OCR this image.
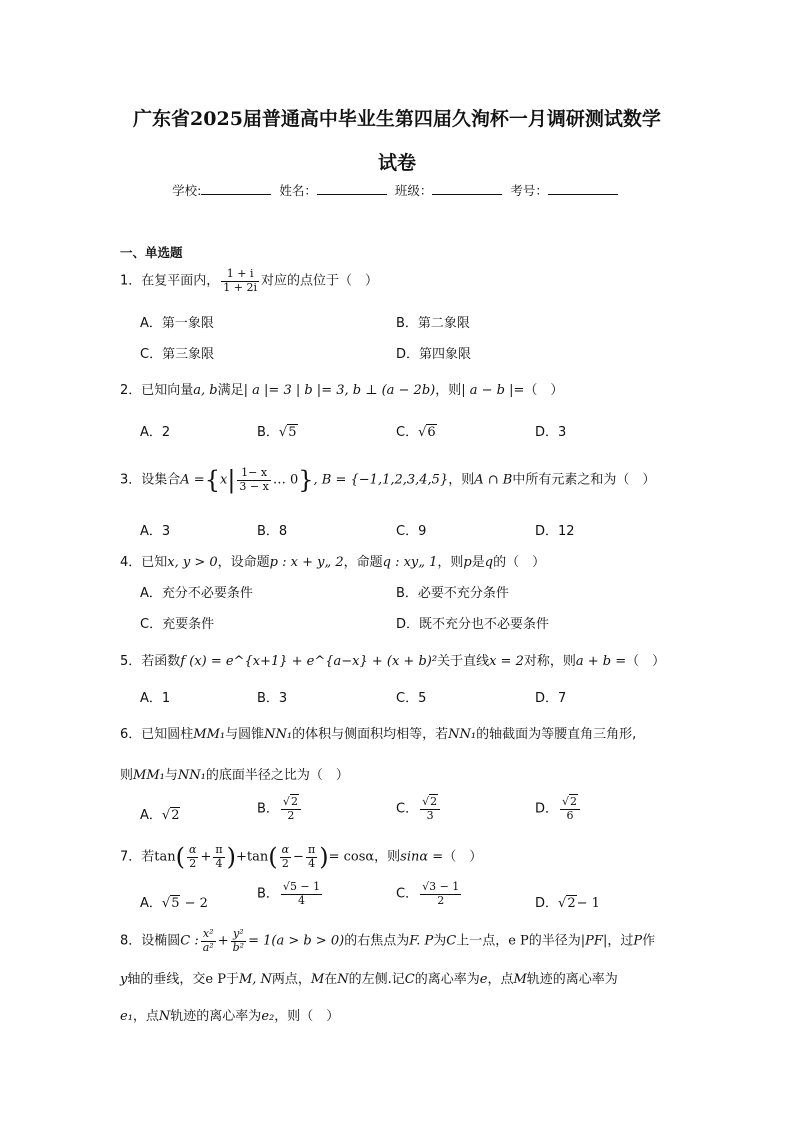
广东省2025届普通高中毕业生第四届久洵杯一月调研测试数学
试卷
学校:	姓名：	班级：	考号：
一、单选题
1．在复平面内， $\frac{1 + i}{1 + 2i}$ 对应的点位于（　）
A．第一象限	B．第二象限
C．第三象限	D．第四象限
2．已知向量a, b满足| a |= 3 | b |= 3, b ⊥ (a − 2b)，则| a − b |=（　）
A．2	B．√5	C．√6	D．3
3．设集合$A =\{x| \frac{1- x}{3 - x}$ … 0}, B = {−1,1,2,3,4,5}，则A ∩ B中所有元素之和为（　）
A．3	B．8	C．9	D．12
4．已知x, y > 0，设命题p : x + y„ 2，命题q : xy„ 1，则p是q的（　）
A．充分不必要条件	B．必要不充分条件
C．充要条件	D．既不充分也不必要条件
5．若函数f (x) = e^{x+1} + e^{a−x} + (x + b)²关于直线x = 2对称，则a + b =（　）
A．1	B．3	C．5	D．7
6．已知圆柱MM₁与圆锥NN₁的体积与侧面积均相等，若NN₁的轴截面为等腰直角三角形,
则MM₁与NN₁的底面半径之比为（　）
A．√2	B． $\frac{√2}{2}$	C． $\frac{√2}{3}$	D． $\frac{√2}{6}$
7．若$\tan( \frac{\alpha}{2} + \frac{\pi}{4} )+\tan( \frac{\alpha}{2} - \frac{\pi}{4}$ )= cosα，则sinα =（　）
A．√5 − 2
B． $\frac{√5 - 1}{4}$	C． $\frac{√3 - 1}{2}$	D．√2− 1
8．设椭圆C : $\frac{\text{x²}}{\text{a²}} + \frac{\text{y²}}{\text{b²}} = 1(a > b > 0)$的右焦点为F. P为C上一点，e P的半径为|PF|，过P作
y轴的垂线，交e P于M, N两点，M在N的左侧.记C的离心率为e，点M轨迹的离心率为
e₁，点N轨迹的离心率为e₂，则（　）
